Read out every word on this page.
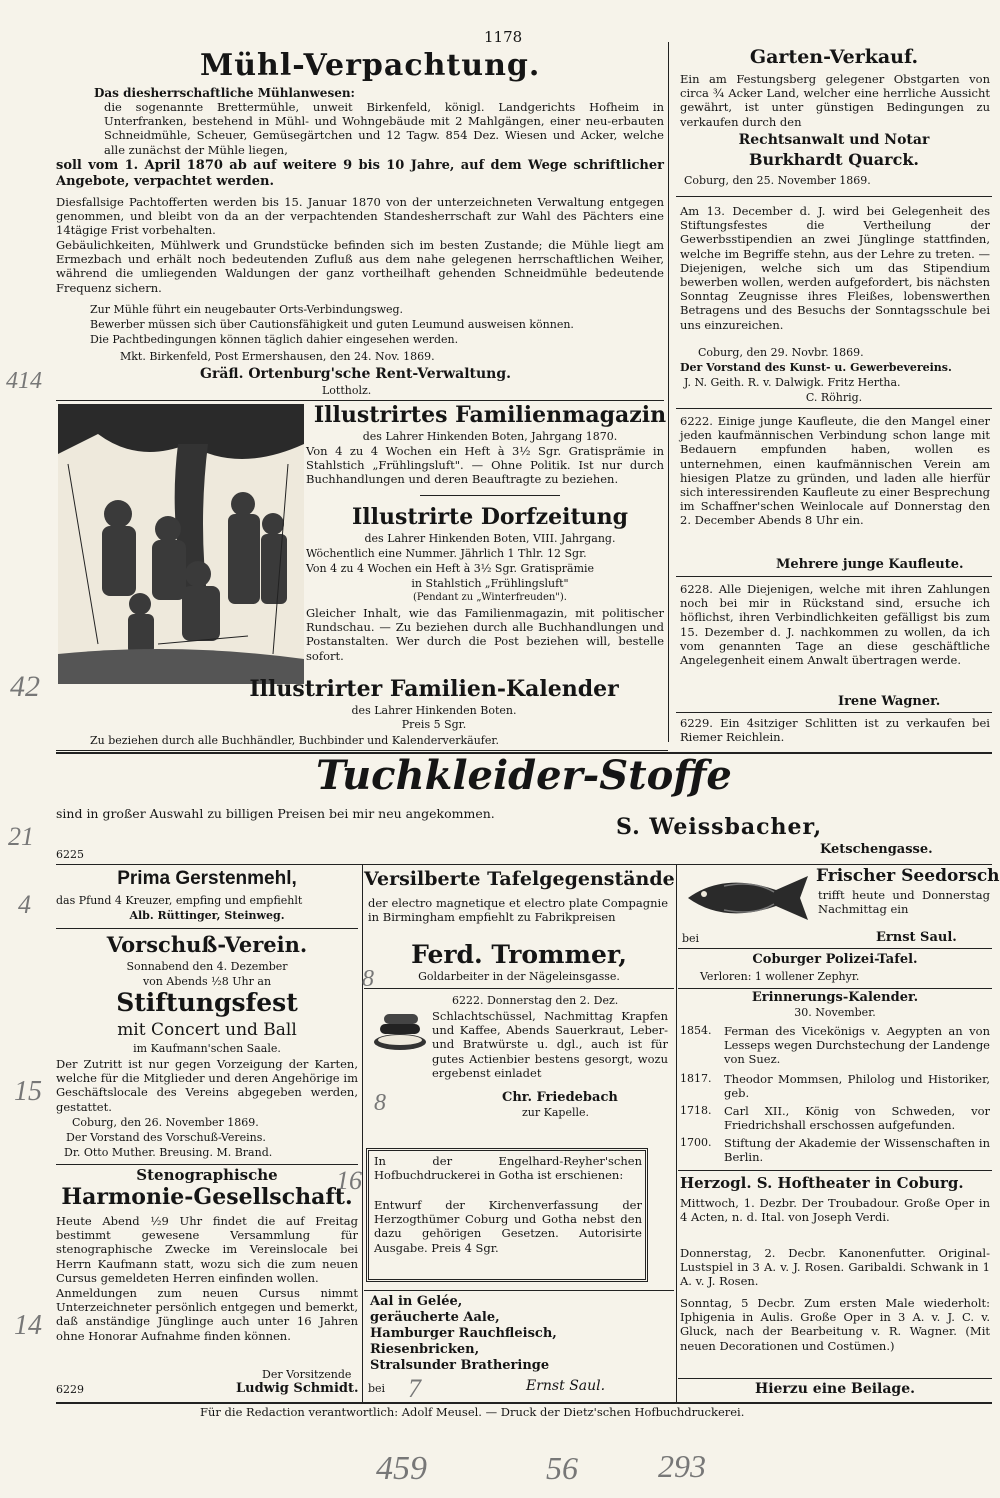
1178
Mühl-Verpachtung.
Das diesherrschaftliche Mühlanwesen:
die sogenannte Brettermühle, unweit Birkenfeld, königl. Landgerichts Hofheim in Unterfranken, bestehend in Mühl- und Wohngebäude mit 2 Mahlgängen, einer neu-erbauten Schneidmühle, Scheuer, Gemüsegärtchen und 12 Tagw. 854 Dez. Wiesen und Acker, welche alle zunächst der Mühle liegen,
soll vom 1. April 1870 ab auf weitere 9 bis 10 Jahre, auf dem Wege schriftlicher Angebote, verpachtet werden.
Diesfallsige Pachtofferten werden bis 15. Januar 1870 von der unterzeichneten Verwaltung entgegen genommen, und bleibt von da an der verpachtenden Standesherrschaft zur Wahl des Pächters eine 14tägige Frist vorbehalten.
Gebäulichkeiten, Mühlwerk und Grundstücke befinden sich im besten Zustande; die Mühle liegt am Ermezbach und erhält noch bedeutenden Zufluß aus dem nahe gelegenen herrschaftlichen Weiher, während die umliegenden Waldungen der ganz vortheilhaft gehenden Schneidmühle bedeutende Frequenz sichern.
Zur Mühle führt ein neugebauter Orts-Verbindungsweg.
Bewerber müssen sich über Cautionsfähigkeit und guten Leumund ausweisen können.
Die Pachtbedingungen können täglich dahier eingesehen werden.
Mkt. Birkenfeld, Post Ermershausen, den 24. Nov. 1869.
Gräfl. Ortenburg'sche Rent-Verwaltung.
Lottholz.
Illustrirtes Familienmagazin
des Lahrer Hinkenden Boten, Jahrgang 1870.
Von 4 zu 4 Wochen ein Heft à 3½ Sgr. Gratisprämie in Stahlstich „Frühlingsluft". — Ohne Politik. Ist nur durch Buchhandlungen und deren Beauftragte zu beziehen.
Illustrirte Dorfzeitung
des Lahrer Hinkenden Boten, VIII. Jahrgang.
Wöchentlich eine Nummer. Jährlich 1 Thlr. 12 Sgr.
Von 4 zu 4 Wochen ein Heft à 3½ Sgr. Gratisprämie
in Stahlstich „Frühlingsluft"
(Pendant zu „Winterfreuden").
Gleicher Inhalt, wie das Familienmagazin, mit politischer Rundschau. — Zu beziehen durch alle Buchhandlungen und Postanstalten. Wer durch die Post beziehen will, bestelle sofort.
Illustrirter Familien-Kalender
des Lahrer Hinkenden Boten.
Preis 5 Sgr.
Zu beziehen durch alle Buchhändler, Buchbinder und Kalenderverkäufer.
Garten-Verkauf.
Ein am Festungsberg gelegener Obstgarten von circa ¾ Acker Land, welcher eine herrliche Aussicht gewährt, ist unter günstigen Bedingungen zu verkaufen durch den
Rechtsanwalt und Notar
Burkhardt Quarck.
Coburg, den 25. November 1869.
Am 13. December d. J. wird bei Gelegenheit des Stiftungsfestes die Vertheilung der Gewerbsstipendien an zwei Jünglinge stattfinden, welche im Begriffe stehn, aus der Lehre zu treten. — Diejenigen, welche sich um das Stipendium bewerben wollen, werden aufgefordert, bis nächsten Sonntag Zeugnisse ihres Fleißes, lobenswerthen Betragens und des Besuchs der Sonntagsschule bei uns einzureichen.
Coburg, den 29. Novbr. 1869.
Der Vorstand des Kunst- u. Gewerbevereins.
J. N. Geith. R. v. Dalwigk. Fritz Hertha.
C. Röhrig.
6222. Einige junge Kaufleute, die den Mangel einer jeden kaufmännischen Verbindung schon lange mit Bedauern empfunden haben, wollen es unternehmen, einen kaufmännischen Verein am hiesigen Platze zu gründen, und laden alle hierfür sich interessirenden Kaufleute zu einer Besprechung im Schaffner'schen Weinlocale auf Donnerstag den 2. December Abends 8 Uhr ein.
Mehrere junge Kaufleute.
6228. Alle Diejenigen, welche mit ihren Zahlungen noch bei mir in Rückstand sind, ersuche ich höflichst, ihren Verbindlichkeiten gefälligst bis zum 15. Dezember d. J. nachkommen zu wollen, da ich vom genannten Tage an diese geschäftliche Angelegenheit einem Anwalt übertragen werde.
Irene Wagner.
6229. Ein 4sitziger Schlitten ist zu verkaufen bei Riemer Reichlein.
Tuchkleider-Stoffe
sind in großer Auswahl zu billigen Preisen bei mir neu angekommen.
S. Weissbacher,
Ketschengasse.
6225
Prima Gerstenmehl,
das Pfund 4 Kreuzer, empfing und empfiehlt
Alb. Rüttinger, Steinweg.
Vorschuß-Verein.
Sonnabend den 4. Dezember
von Abends ½8 Uhr an
Stiftungsfest
mit Concert und Ball
im Kaufmann'schen Saale.
Der Zutritt ist nur gegen Vorzeigung der Karten, welche für die Mitglieder und deren Angehörige im Geschäftslocale des Vereins abgegeben werden, gestattet.
Coburg, den 26. November 1869.
Der Vorstand des Vorschuß-Vereins.
Dr. Otto Muther. Breusing. M. Brand.
Stenographische
Harmonie-Gesellschaft.
Heute Abend ½9 Uhr findet die auf Freitag bestimmt gewesene Versammlung für stenographische Zwecke im Vereinslocale bei Herrn Kaufmann statt, wozu sich die zum neuen Cursus gemeldeten Herren einfinden wollen.
Anmeldungen zum neuen Cursus nimmt Unterzeichneter persönlich entgegen und bemerkt, daß anständige Jünglinge auch unter 16 Jahren ohne Honorar Aufnahme finden können.
Der Vorsitzende
6229	Ludwig Schmidt.
Versilberte Tafelgegenstände
der electro magnetique et electro plate Compagnie in Birmingham empfiehlt zu Fabrikpreisen
Ferd. Trommer,
Goldarbeiter in der Nägeleinsgasse.
6222. Donnerstag den 2. Dez.
Schlachtschüssel, Nachmittag Krapfen und Kaffee, Abends Sauerkraut, Leber- und Bratwürste u. dgl., auch ist für gutes Actienbier bestens gesorgt, wozu ergebenst einladet
Chr. Friedebach
zur Kapelle.
In der Engelhard-Reyher'schen Hofbuchdruckerei in Gotha ist erschienen:
Entwurf der Kirchenverfassung der Herzogthümer Coburg und Gotha nebst den dazu gehörigen Gesetzen. Autorisirte Ausgabe. Preis 4 Sgr.
Aal in Gelée,
geräucherte Aale,
Hamburger Rauchfleisch,
Riesenbricken,
Stralsunder Bratheringe
bei	Ernst Saul.
Frischer Seedorsch
trifft heute und Donnerstag Nachmittag ein
bei	Ernst Saul.
Coburger Polizei-Tafel.
Verloren: 1 wollener Zephyr.
Erinnerungs-Kalender.
30. November.
1854. Ferman des Vicekönigs v. Aegypten an von Lesseps wegen Durchstechung der Landenge von Suez.
1817. Theodor Mommsen, Philolog und Historiker, geb.
1718. Carl XII., König von Schweden, vor Friedrichshall erschossen aufgefunden.
1700. Stiftung der Akademie der Wissenschaften in Berlin.
Herzogl. S. Hoftheater in Coburg.
Mittwoch, 1. Dezbr. Der Troubadour. Große Oper in 4 Acten, n. d. Ital. von Joseph Verdi.
Donnerstag, 2. Decbr. Kanonenfutter. Original-Lustspiel in 3 A. v. J. Rosen. Garibaldi. Schwank in 1 A. v. J. Rosen.
Sonntag, 5 Decbr. Zum ersten Male wiederholt: Iphigenia in Aulis. Große Oper in 3 A. v. J. C. v. Gluck, nach der Bearbeitung v. R. Wagner. (Mit neuen Decorationen und Costümen.)
Hierzu eine Beilage.
Für die Redaction verantwortlich: Adolf Meusel. — Druck der Dietz'schen Hofbuchdruckerei.
414
42
21
4
15
14
16
8
8
7
459	56	293
